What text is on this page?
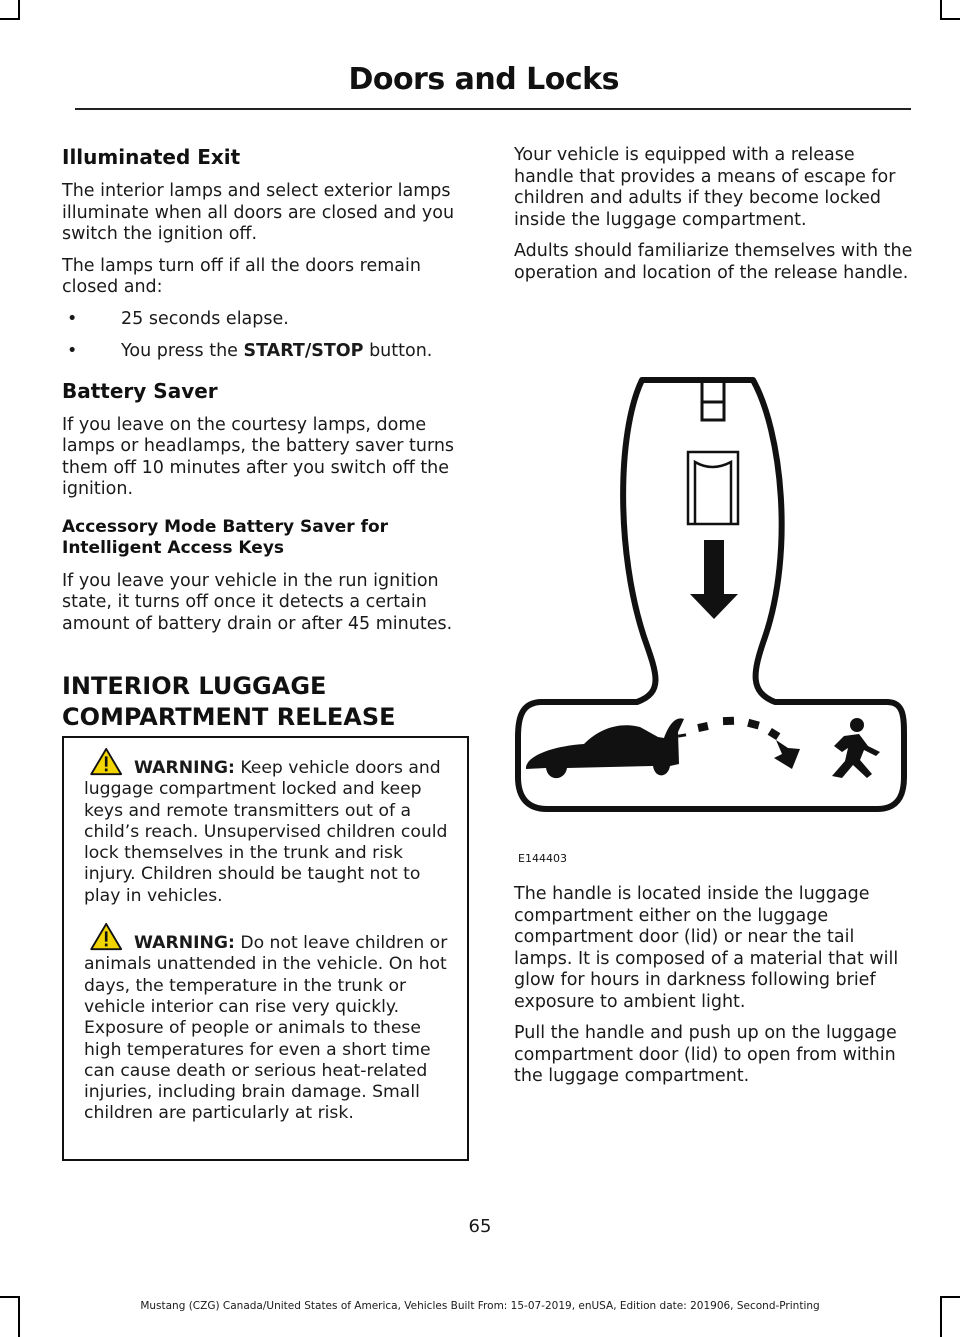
Doors and Locks
Illuminated Exit

The interior lamps and select exterior lamps illuminate when all doors are closed and you switch the ignition off.

The lamps turn off if all the doors remain closed and:

•	25 seconds elapse.
•	You press the START/STOP button.
Battery Saver

If you leave on the courtesy lamps, dome lamps or headlamps, the battery saver turns them off 10 minutes after you switch off the ignition.

Accessory Mode Battery Saver for Intelligent Access Keys

If you leave your vehicle in the run ignition state, it turns off once it detects a certain amount of battery drain or after 45 minutes.

INTERIOR LUGGAGE
COMPARTMENT RELEASE
WARNING: Keep vehicle doors and luggage compartment locked and keep keys and remote transmitters out of a child’s reach. Unsupervised children could lock themselves in the trunk and risk injury. Children should be taught not to play in vehicles.
WARNING: Do not leave children or animals unattended in the vehicle. On hot days, the temperature in the trunk or vehicle interior can rise very quickly. Exposure of people or animals to these high temperatures for even a short time can cause death or serious heat-related injuries, including brain damage. Small children are particularly at risk.

Your vehicle is equipped with a release handle that provides a means of escape for children and adults if they become locked inside the luggage compartment.

Adults should familiarize themselves with the operation and location of the release handle.

E144403

The handle is located inside the luggage compartment either on the luggage compartment door (lid) or near the tail lamps. It is composed of a material that will glow for hours in darkness following brief exposure to ambient light.

Pull the handle and push up on the luggage compartment door (lid) to open from within the luggage compartment.

65
Mustang (CZG) Canada/United States of America, Vehicles Built From: 15-07-2019, enUSA, Edition date: 201906, Second-Printing
